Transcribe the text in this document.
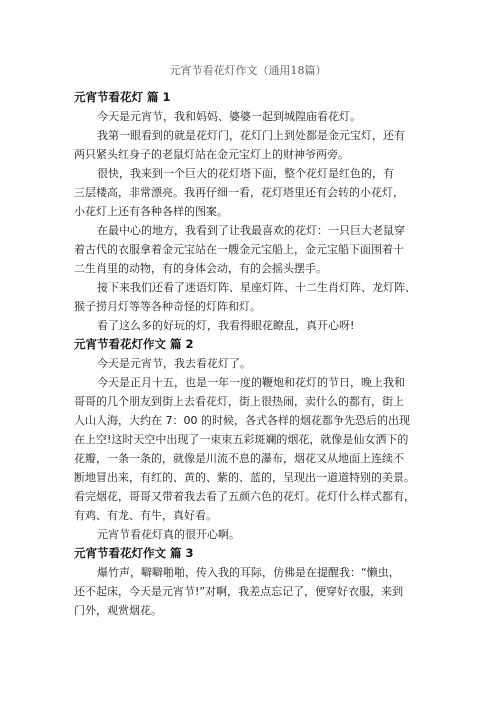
元宵节看花灯作文（通用18篇）

元宵节看花灯 篇 1

今天是元宵节，我和妈妈、婆婆一起到城隍庙看花灯。

我第一眼看到的就是花灯门，花灯门上到处都是金元宝灯，还有
两只紧头红身子的老鼠灯站在金元宝灯上的财神爷两旁。

很快，我来到一个巨大的花灯塔下面，整个花灯是红色的，有
三层楼高，非常漂亮。我再仔细一看，花灯塔里还有会转的小花灯，
小花灯上还有各种各样的图案。

在最中心的地方，我看到了让我最喜欢的花灯：一只巨大老鼠穿
着古代的衣服拿着金元宝站在一艘金元宝船上，金元宝船下面围着十
二生肖里的动物，有的身体会动，有的会摇头摆手。

接下来我们还看了迷语灯阵、星座灯阵、十二生肖灯阵、龙灯阵、
猴子捞月灯等等各种奇怪的灯阵和灯。

看了这么多的好玩的灯，我看得眼花瞭乱，真开心呀!

元宵节看花灯作文 篇 2

今天是元宵节，我去看花灯了。

今天是正月十五，也是一年一度的鞭炮和花灯的节日，晚上我和
哥哥的几个朋友到街上去看花灯，街上很热闹，卖什么的都有，街上
人山人海，大约在 7：00 的时候，各式各样的烟花都争先恐后的出现
在上空!这时天空中出现了一束束五彩斑斓的烟花，就像是仙女洒下的
花瓣，一条一条的，就像是川流不息的瀑布，烟花又从地面上连续不
断地冒出来，有红的、黄的、紫的、蓝的，呈现出一道道特别的美景。
看完烟花，哥哥又带着我去看了五颜六色的花灯。花灯什么样式都有，
有鸡、有龙、有牛，真好看。

元宵节看花灯真的很开心啊。

元宵节看花灯作文 篇 3

爆竹声，噼噼啪啪，传入我的耳际，仿佛是在提醒我：“懒虫，
还不起床，今天是元宵节!”对啊，我差点忘记了，便穿好衣服，来到
门外，观赏烟花。
